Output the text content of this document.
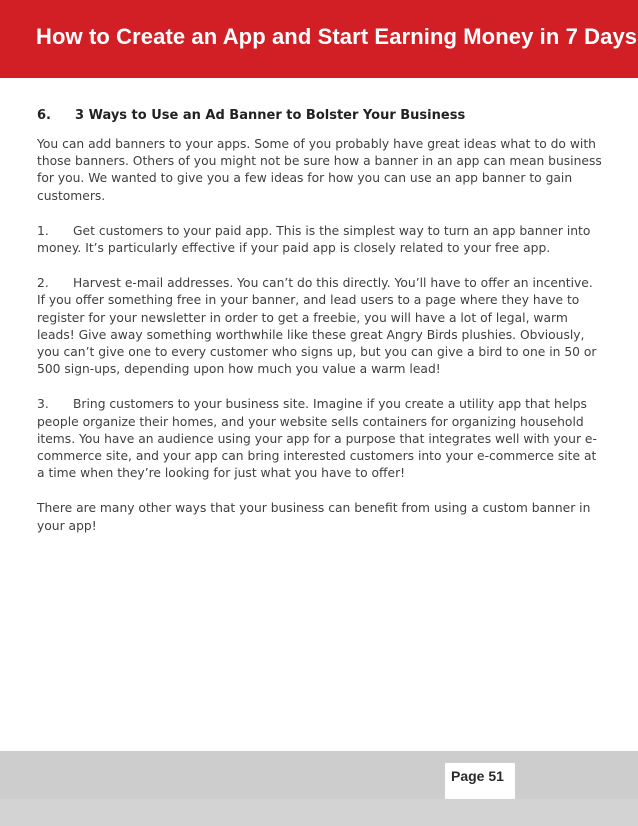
How to Create an App and Start Earning Money in 7 Days
6. 3 Ways to Use an Ad Banner to Bolster Your Business

You can add banners to your apps. Some of you probably have great ideas what to do with those banners. Others of you might not be sure how a banner in an app can mean business for you. We wanted to give you a few ideas for how you can use an app banner to gain customers.

1. Get customers to your paid app. This is the simplest way to turn an app banner into money. It’s particularly effective if your paid app is closely related to your free app.

2. Harvest e-mail addresses. You can’t do this directly. You’ll have to offer an incentive. If you offer something free in your banner, and lead users to a page where they have to register for your newsletter in order to get a freebie, you will have a lot of legal, warm leads! Give away something worthwhile like these great Angry Birds plushies. Obviously, you can’t give one to every customer who signs up, but you can give a bird to one in 50 or 500 sign-ups, depending upon how much you value a warm lead!

3. Bring customers to your business site. Imagine if you create a utility app that helps people organize their homes, and your website sells containers for organizing household items. You have an audience using your app for a purpose that integrates well with your e-commerce site, and your app can bring interested customers into your e-commerce site at a time when they’re looking for just what you have to offer!

There are many other ways that your business can benefit from using a custom banner in your app!

Page 51
